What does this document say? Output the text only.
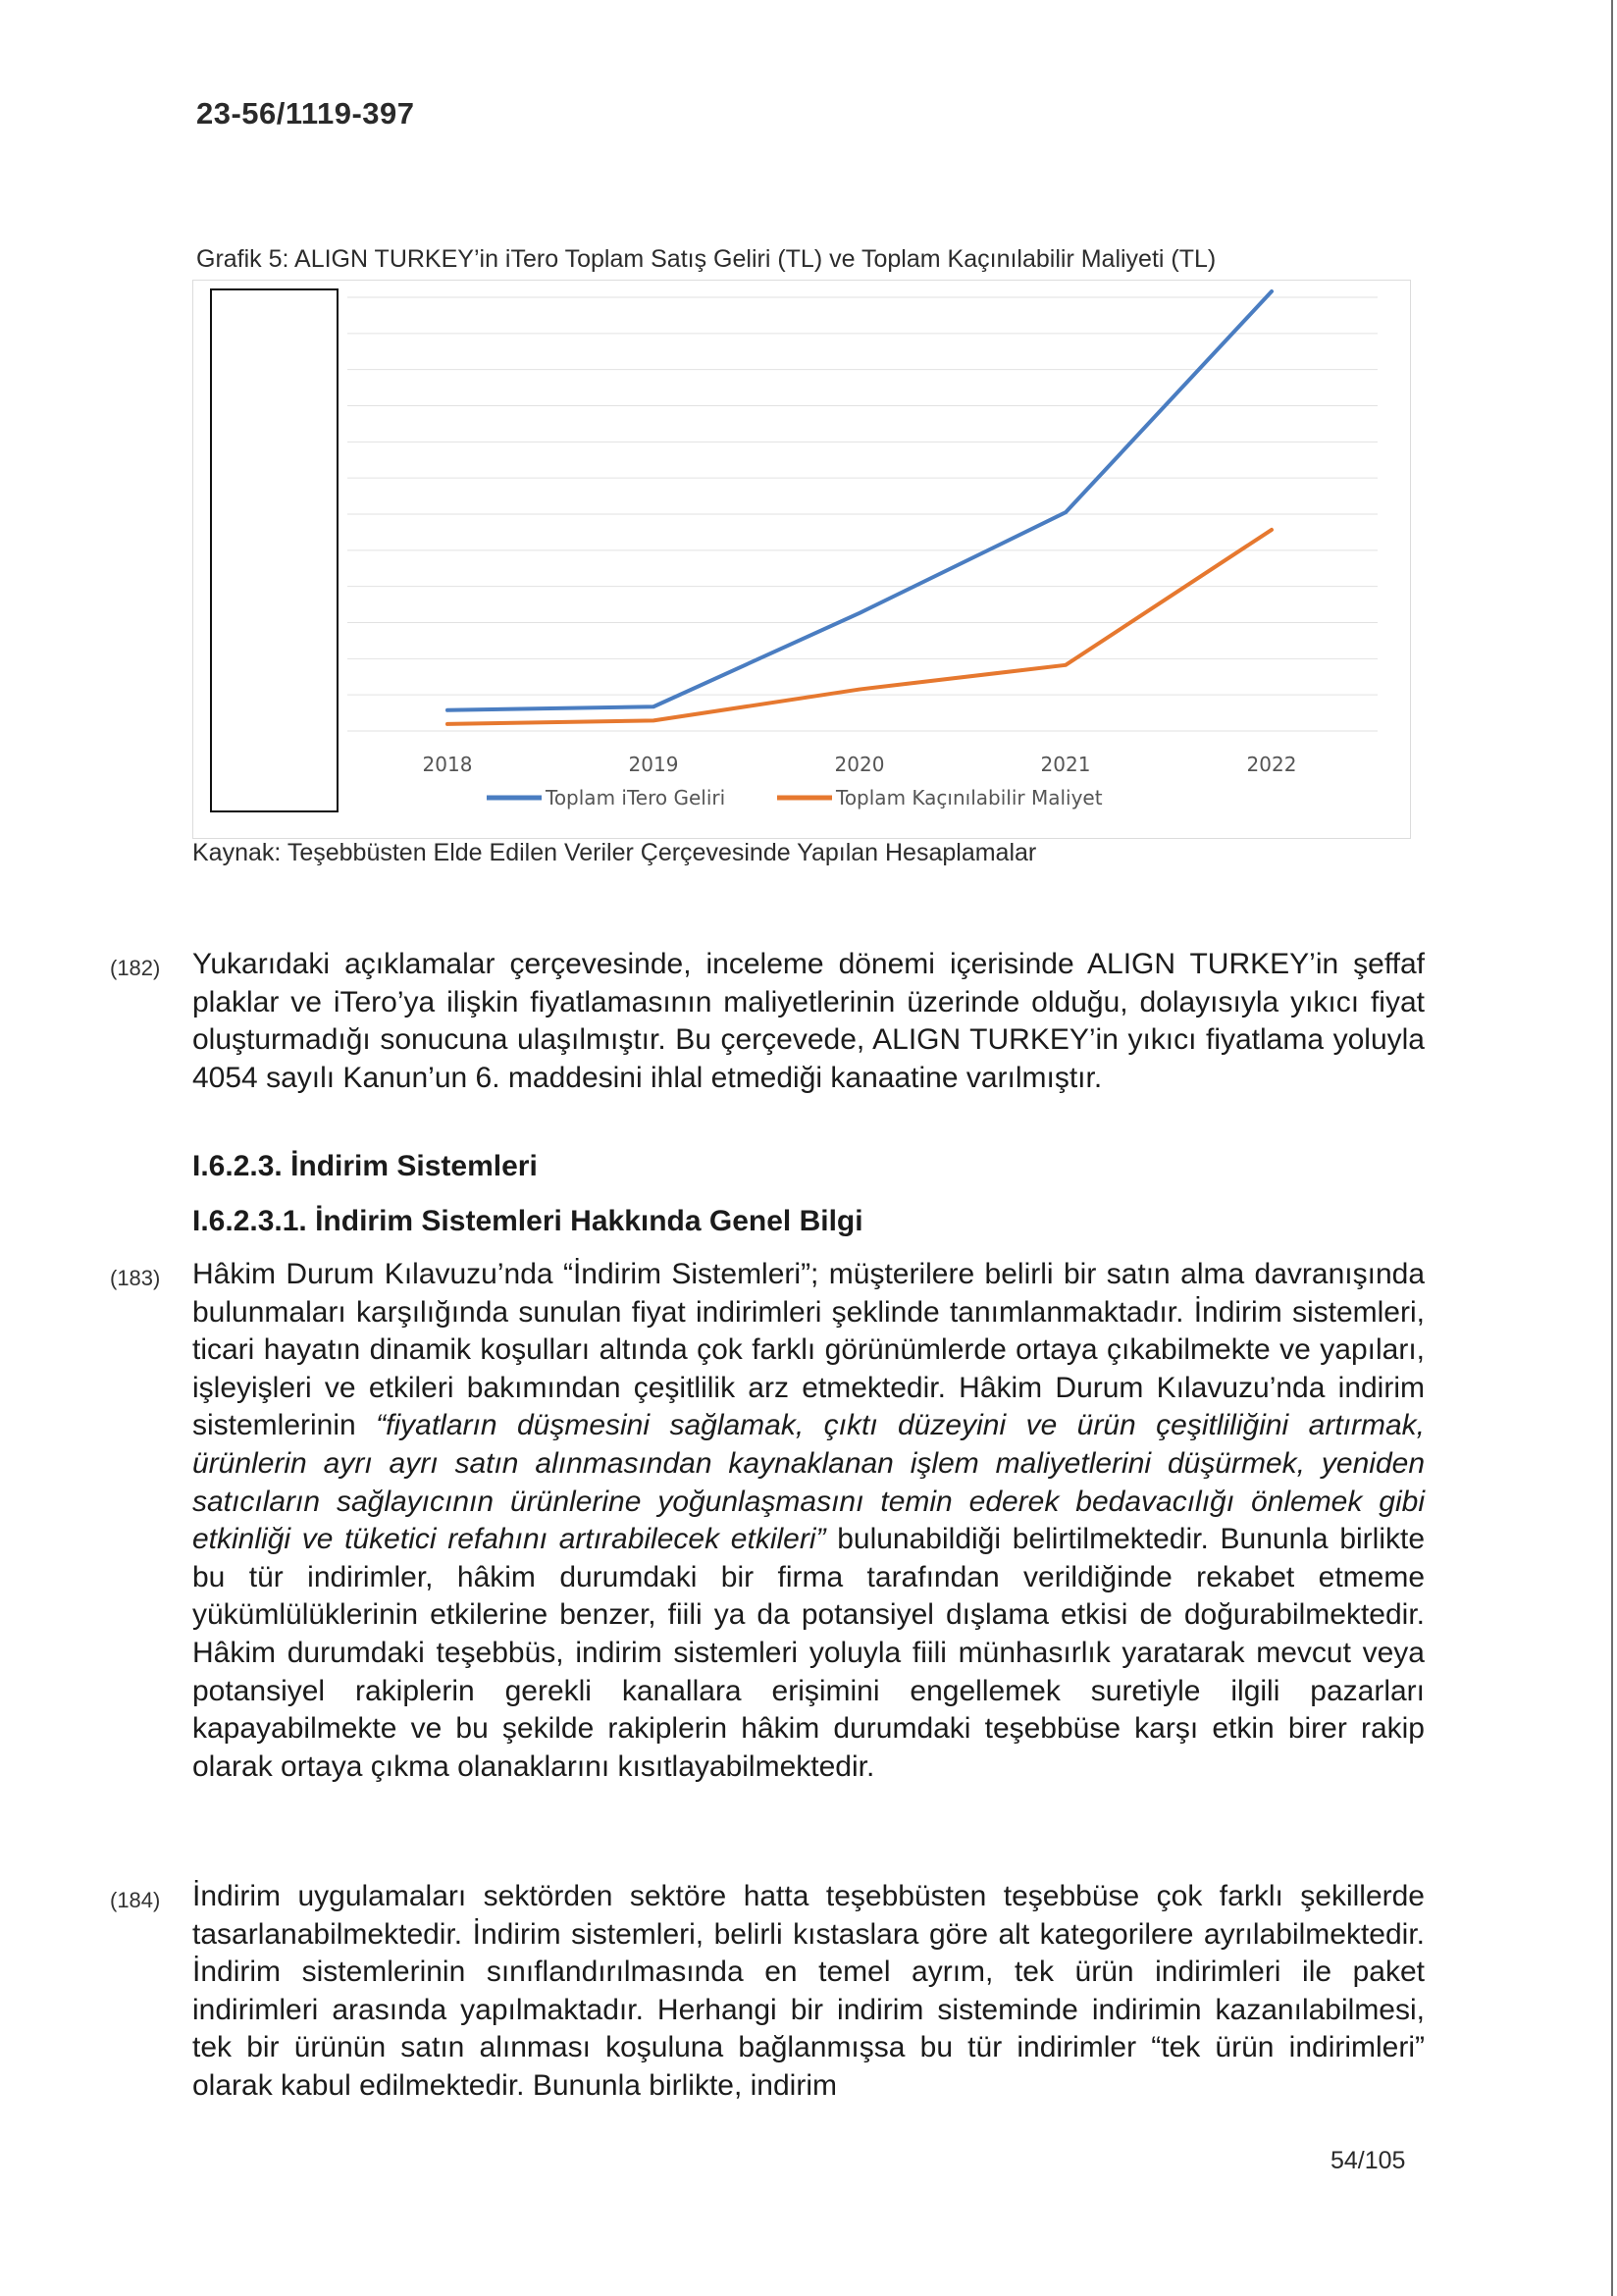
23-56/1119-397
Grafik 5: ALIGN TURKEY’in iTero Toplam Satış Geliri (TL) ve Toplam Kaçınılabilir Maliyeti (TL)
2018	2019	2020	2021	2022
Toplam iTero Geliri	Toplam Kaçınılabilir Maliyet
Kaynak: Teşebbüsten Elde Edilen Veriler Çerçevesinde Yapılan Hesaplamalar
(182) Yukarıdaki açıklamalar çerçevesinde, inceleme dönemi içerisinde ALIGN TURKEY’in şeffaf plaklar ve iTero’ya ilişkin fiyatlamasının maliyetlerinin üzerinde olduğu, dolayısıyla yıkıcı fiyat oluşturmadığı sonucuna ulaşılmıştır. Bu çerçevede, ALIGN TURKEY’in yıkıcı fiyatlama yoluyla 4054 sayılı Kanun’un 6. maddesini ihlal etmediği kanaatine varılmıştır.
I.6.2.3. İndirim Sistemleri
I.6.2.3.1. İndirim Sistemleri Hakkında Genel Bilgi
(183) Hâkim Durum Kılavuzu’nda “İndirim Sistemleri”; müşterilere belirli bir satın alma davranışında bulunmaları karşılığında sunulan fiyat indirimleri şeklinde tanımlanmaktadır. İndirim sistemleri, ticari hayatın dinamik koşulları altında çok farklı görünümlerde ortaya çıkabilmekte ve yapıları, işleyişleri ve etkileri bakımından çeşitlilik arz etmektedir. Hâkim Durum Kılavuzu’nda indirim sistemlerinin “fiyatların düşmesini sağlamak, çıktı düzeyini ve ürün çeşitliliğini artırmak, ürünlerin ayrı ayrı satın alınmasından kaynaklanan işlem maliyetlerini düşürmek, yeniden satıcıların sağlayıcının ürünlerine yoğunlaşmasını temin ederek bedavacılığı önlemek gibi etkinliği ve tüketici refahını artırabilecek etkileri” bulunabildiği belirtilmektedir. Bununla birlikte bu tür indirimler, hâkim durumdaki bir firma tarafından verildiğinde rekabet etmeme yükümlülüklerinin etkilerine benzer, fiili ya da potansiyel dışlama etkisi de doğurabilmektedir. Hâkim durumdaki teşebbüs, indirim sistemleri yoluyla fiili münhasırlık yaratarak mevcut veya potansiyel rakiplerin gerekli kanallara erişimini engellemek suretiyle ilgili pazarları kapayabilmekte ve bu şekilde rakiplerin hâkim durumdaki teşebbüse karşı etkin birer rakip olarak ortaya çıkma olanaklarını kısıtlayabilmektedir.
(184) İndirim uygulamaları sektörden sektöre hatta teşebbüsten teşebbüse çok farklı şekillerde tasarlanabilmektedir. İndirim sistemleri, belirli kıstaslara göre alt kategorilere ayrılabilmektedir. İndirim sistemlerinin sınıflandırılmasında en temel ayrım, tek ürün indirimleri ile paket indirimleri arasında yapılmaktadır. Herhangi bir indirim sisteminde indirimin kazanılabilmesi, tek bir ürünün satın alınması koşuluna bağlanmışsa bu tür indirimler “tek ürün indirimleri” olarak kabul edilmektedir. Bununla birlikte, indirim
54/105
